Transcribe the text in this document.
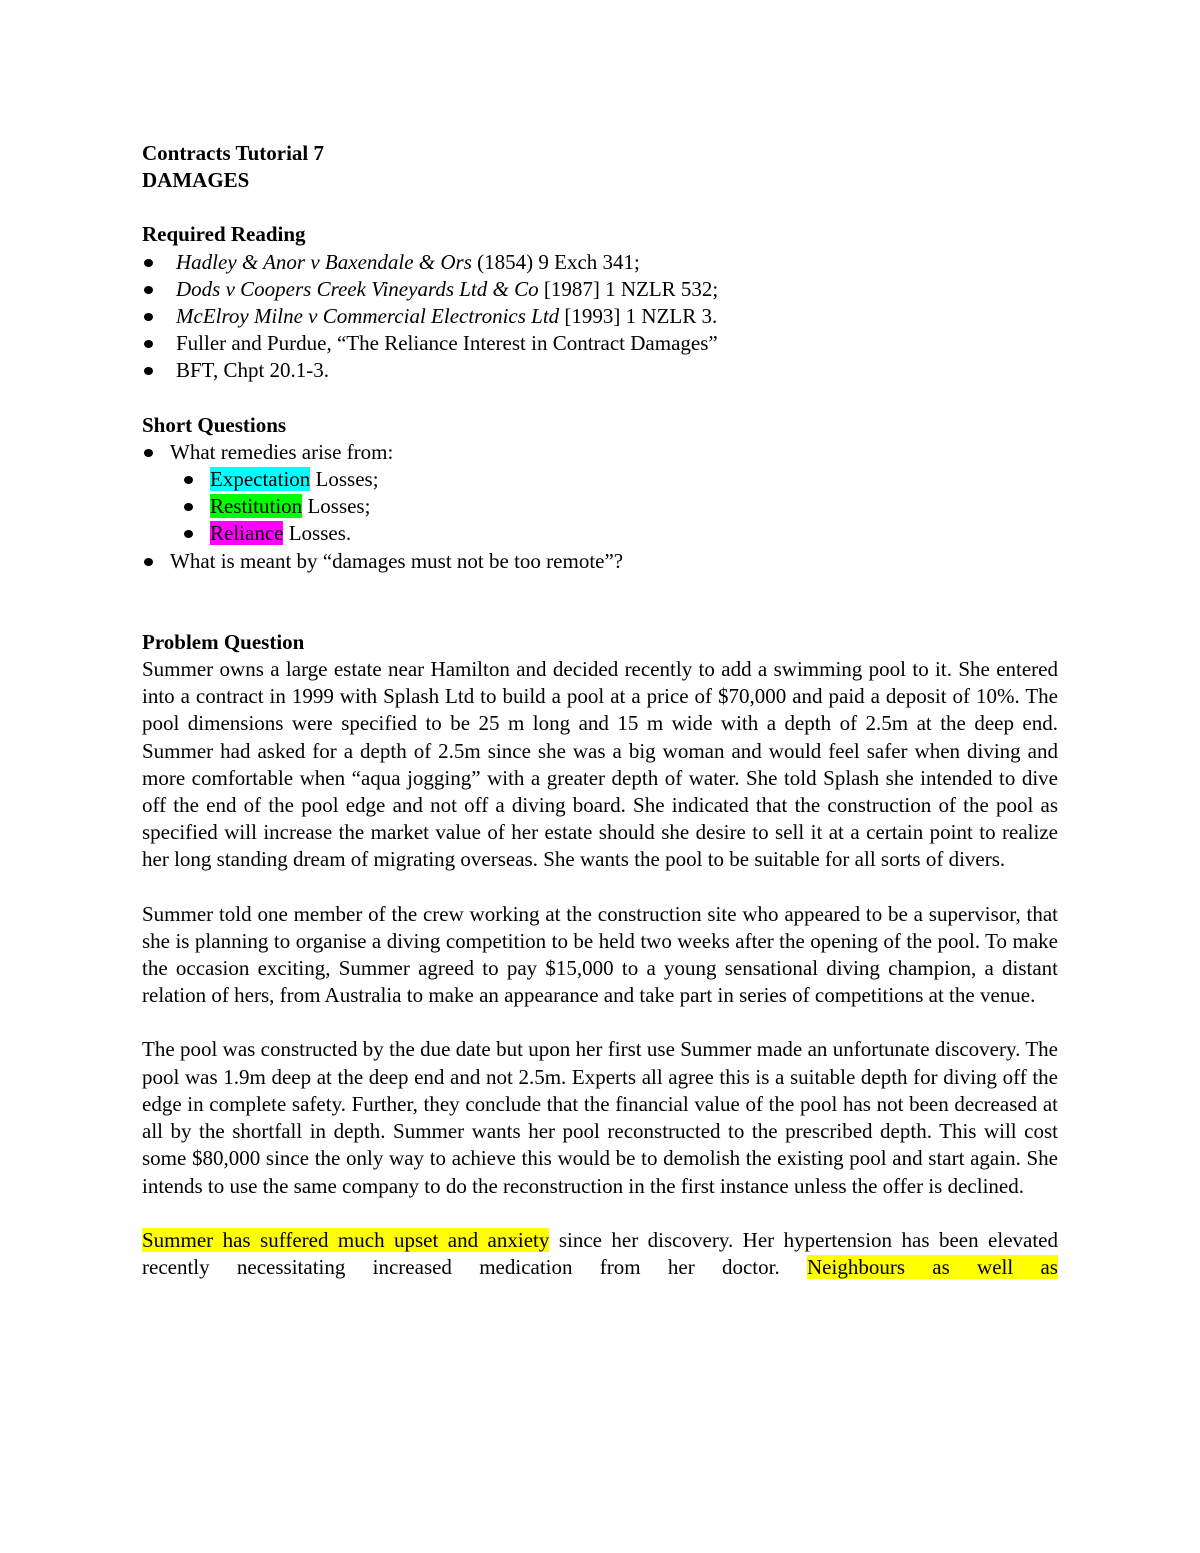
Contracts Tutorial 7
DAMAGES
Required Reading
Hadley & Anor v Baxendale & Ors (1854) 9 Exch 341;
Dods v Coopers Creek Vineyards Ltd & Co [1987] 1 NZLR 532;
McElroy Milne v Commercial Electronics Ltd [1993] 1 NZLR 3.
Fuller and Purdue, “The Reliance Interest in Contract Damages”
BFT, Chpt 20.1-3.
Short Questions
What remedies arise from:
Expectation Losses;
Restitution Losses;
Reliance Losses.
What is meant by “damages must not be too remote”?
Problem Question

Summer owns a large estate near Hamilton and decided recently to add a swimming pool to it. She entered into a contract in 1999 with Splash Ltd to build a pool at a price of $70,000 and paid a deposit of 10%. The pool dimensions were specified to be 25 m long and 15 m wide with a depth of 2.5m at the deep end. Summer had asked for a depth of 2.5m since she was a big woman and would feel safer when diving and more comfortable when “aqua jogging” with a greater depth of water. She told Splash she intended to dive off the end of the pool edge and not off a diving board. She indicated that the construction of the pool as specified will increase the market value of her estate should she desire to sell it at a certain point to realize her long standing dream of migrating overseas. She wants the pool to be suitable for all sorts of divers.

Summer told one member of the crew working at the construction site who appeared to be a supervisor, that she is planning to organise a diving competition to be held two weeks after the opening of the pool. To make the occasion exciting, Summer agreed to pay $15,000 to a young sensational diving champion, a distant relation of hers, from Australia to make an appearance and take part in series of competitions at the venue.

The pool was constructed by the due date but upon her first use Summer made an unfortunate discovery. The pool was 1.9m deep at the deep end and not 2.5m. Experts all agree this is a suitable depth for diving off the edge in complete safety. Further, they conclude that the financial value of the pool has not been decreased at all by the shortfall in depth. Summer wants her pool reconstructed to the prescribed depth. This will cost some $80,000 since the only way to achieve this would be to demolish the existing pool and start again. She intends to use the same company to do the reconstruction in the first instance unless the offer is declined.

Summer has suffered much upset and anxiety since her discovery. Her hypertension has been elevated recently necessitating increased medication from her doctor. Neighbours as well as
